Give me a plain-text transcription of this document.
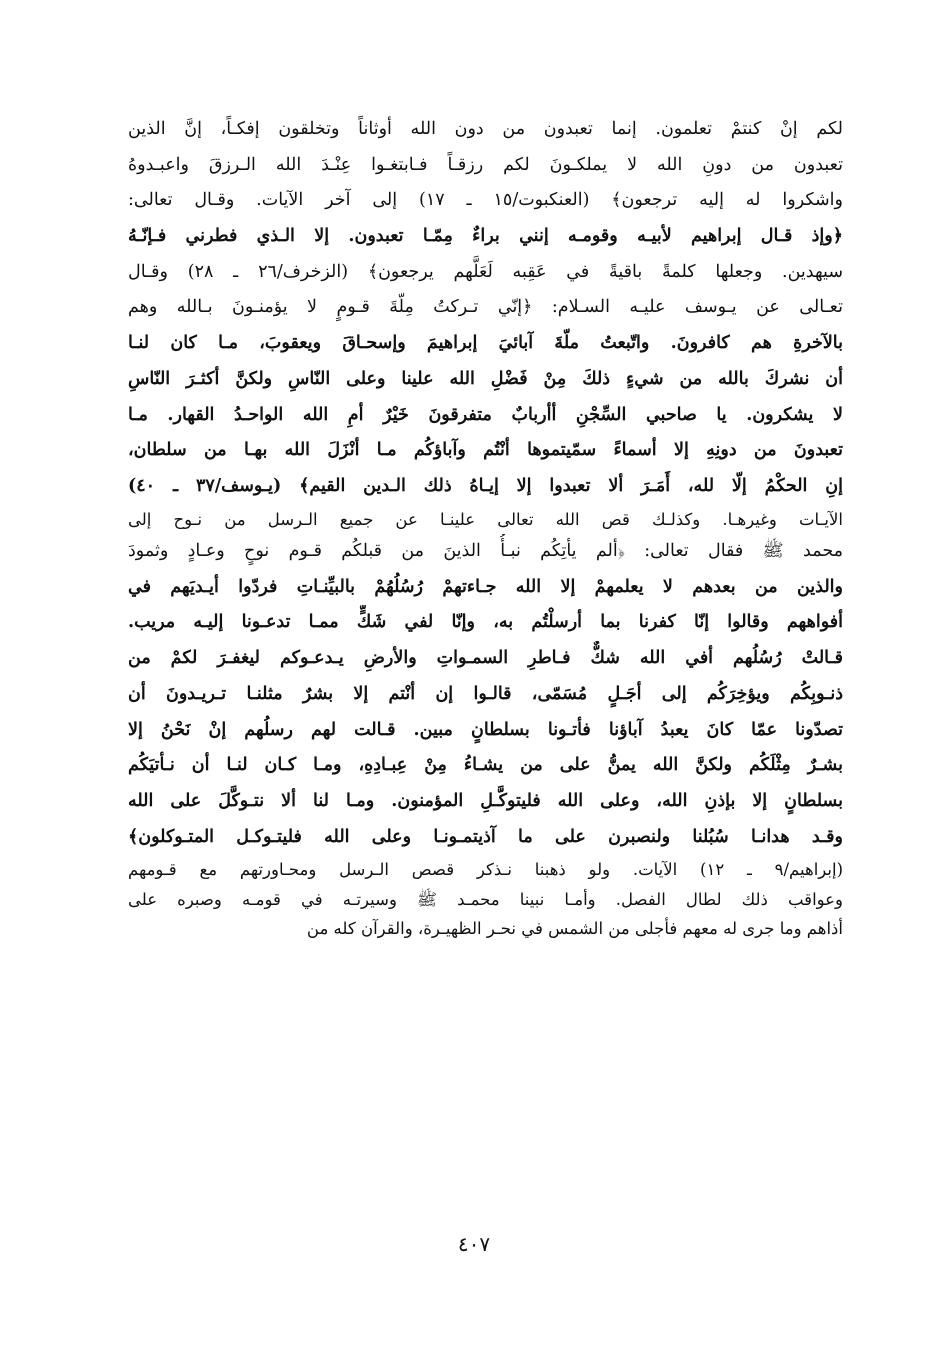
لكم إنْ كنتمْ تعلمون. إنما تعبدون من دون الله أوثاناً وتخلقون إفكـاً، إنَّ الذين
تعبدون من دونِ الله لا يملكـونَ لكم رزقـاً فـابتغـوا عِنْـدَ الله الـرزقَ واعبـدوهُ
واشكروا له إليه ترجعون﴾ (العنكبوت/١٥ ـ ١٧) إلى آخر الآيات. وقـال تعالى:
﴿وإذ قـال إبراهيم لأبيـه وقومـه إنني براءٌ مِمّـا تعبدون. إلا الـذي فطرني فـإنّـهُ
سيهدين. وجعلها كلمةً باقيةً في عَقِبه لَعَلَّهم يرجعون﴾ (الزخرف/٢٦ ـ ٢٨) وقـال
تعـالى عن يـوسف عليـه السـلام: ﴿إنّي تـركتُ مِلّةَ قـومٍ لا يؤمنـونَ بـالله وهم
بالآخرةِ هم كافرونَ. واتّبعتُ ملّةَ آبائيَ إبراهيمَ وإسحـاقَ ويعقوبَ، مـا كان لنـا
أن نشركَ بالله من شيءٍ ذلكَ مِنْ فَضْلِ الله علينا وعلى النّاسِ ولكنَّ أكثـرَ النّاسِ
لا يشكرون. يا صاحبي السِّجْنِ أأربابٌ متفرقونَ خَيْرٌ أمِ الله الواحـدُ القهار. مـا
تعبدونَ من دونِهِ إلا أسماءً سمّيتموها أنْتُم وآباؤكُم مـا أنْزَلَ الله بهـا من سلطان،
إنِ الحكْمُ إلّا لله، أَمَـرَ ألا تعبدوا إلا إيـاهُ ذلك الـدين القيم﴾ (يـوسف/٣٧ ـ ٤٠)
الآيـات وغيرهـا. وكذلـك قص الله تعالى علينـا عن جميع الـرسل من نـوح إلى
محمد ﷺ فقال تعالى: ﴿ألم يأتِكُم نبـأُ الذينَ من قبلكُم قـوم نوحٍ وعـادٍ وثمودَ
والذين من بعدهم لا يعلمهمْ إلا الله جـاءتهمْ رُسُلُهُمْ بالبيِّنـاتِ فردّوا أيـديَهم في
أفواههم وقالوا إنّا كفرنا بما أرسلْتُم به، وإنّا لفي شَكٍّ ممـا تدعـونا إليـه مريب.
قـالتْ رُسُلُهم أفي الله شكٌّ فـاطرِ السمـواتِ والأرضِ يـدعـوكم ليغفـرَ لكمْ من
ذنـوبِكُم ويؤخِرَكُم إلى أجَـلٍ مُسَمّى، قالـوا إن أنْتم إلا بشرٌ مثلنـا تـريـدونَ أن
تصدّونا عمّا كانَ يعبدُ آباؤنا فأتـونا بسلطانٍ مبين. قـالت لهم رسلُهم إنْ نَحْنُ إلا
بشـرٌ مِثْلَكُم ولكنَّ الله يمنُّ على من يشـاءُ مِنْ عِبـادِهِ، ومـا كـان لنـا أن نـأتيَكُم
بسلطانٍ إلا بإذنِ الله، وعلى الله فليتوكَّـلِ المؤمنون. ومـا لنا ألا نتـوكَّلَ على الله
وقـد هدانـا سُبُلنا ولنصبرن على ما آذيتمـونـا وعلى الله فليتـوكـل المتـوكلون﴾
(إبراهيم/٩ ـ ١٢) الآيات. ولو ذهبنا نـذكر قصص الـرسل ومحـاورتهم مع قـومهم
وعواقب ذلك لطال الفصل. وأمـا نبينا محمـد ﷺ وسيرتـه في قومـه وصبره على
أذاهم وما جرى له معهم فأجلى من الشمس في نحـر الظهيـرة، والقرآن كله من
٤٠٧
